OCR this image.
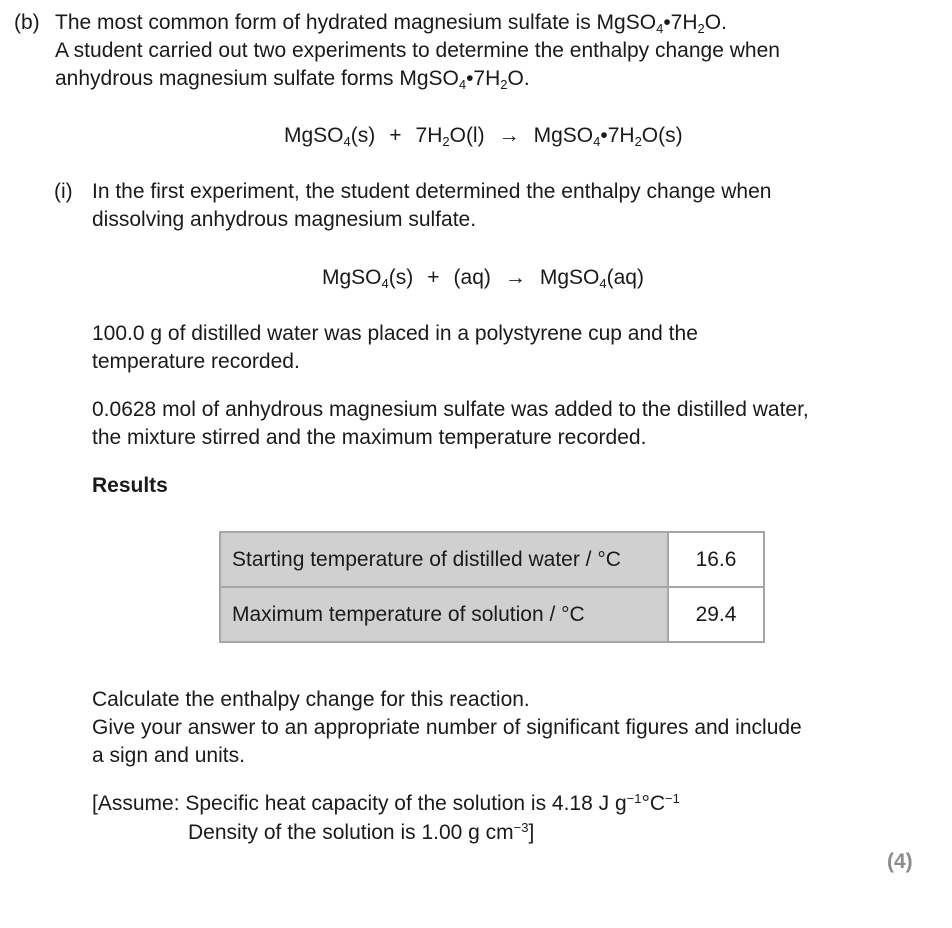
(b) The most common form of hydrated magnesium sulfate is $MgSO_4•7H_2O$.
A student carried out two experiments to determine the enthalpy change when
anhydrous magnesium sulfate forms $MgSO_4•7H_2O$.
MgSO$_4$(s) + $7H_2O(l)$ → $MgSO_4•7H_2O(s)$
(i) In the first experiment, the student determined the enthalpy change when
dissolving anhydrous magnesium sulfate.
MgSO$_4$(s) + (aq) → MgSO$_4$(aq)
100.0 g of distilled water was placed in a polystyrene cup and the
temperature recorded.
0.0628 mol of anhydrous magnesium sulfate was added to the distilled water,
the mixture stirred and the maximum temperature recorded.
Results
Starting temperature of distilled water / °C	16.6
Maximum temperature of solution / °C	29.4
Calculate the enthalpy change for this reaction.
Give your answer to an appropriate number of significant figures and include
a sign and units.
[Assume: Specific heat capacity of the solution is 4.18 J $g^{-1}^\circ C^{-1}$
Density of the solution is 1.00 g $cm^{-3}$]
(4)
